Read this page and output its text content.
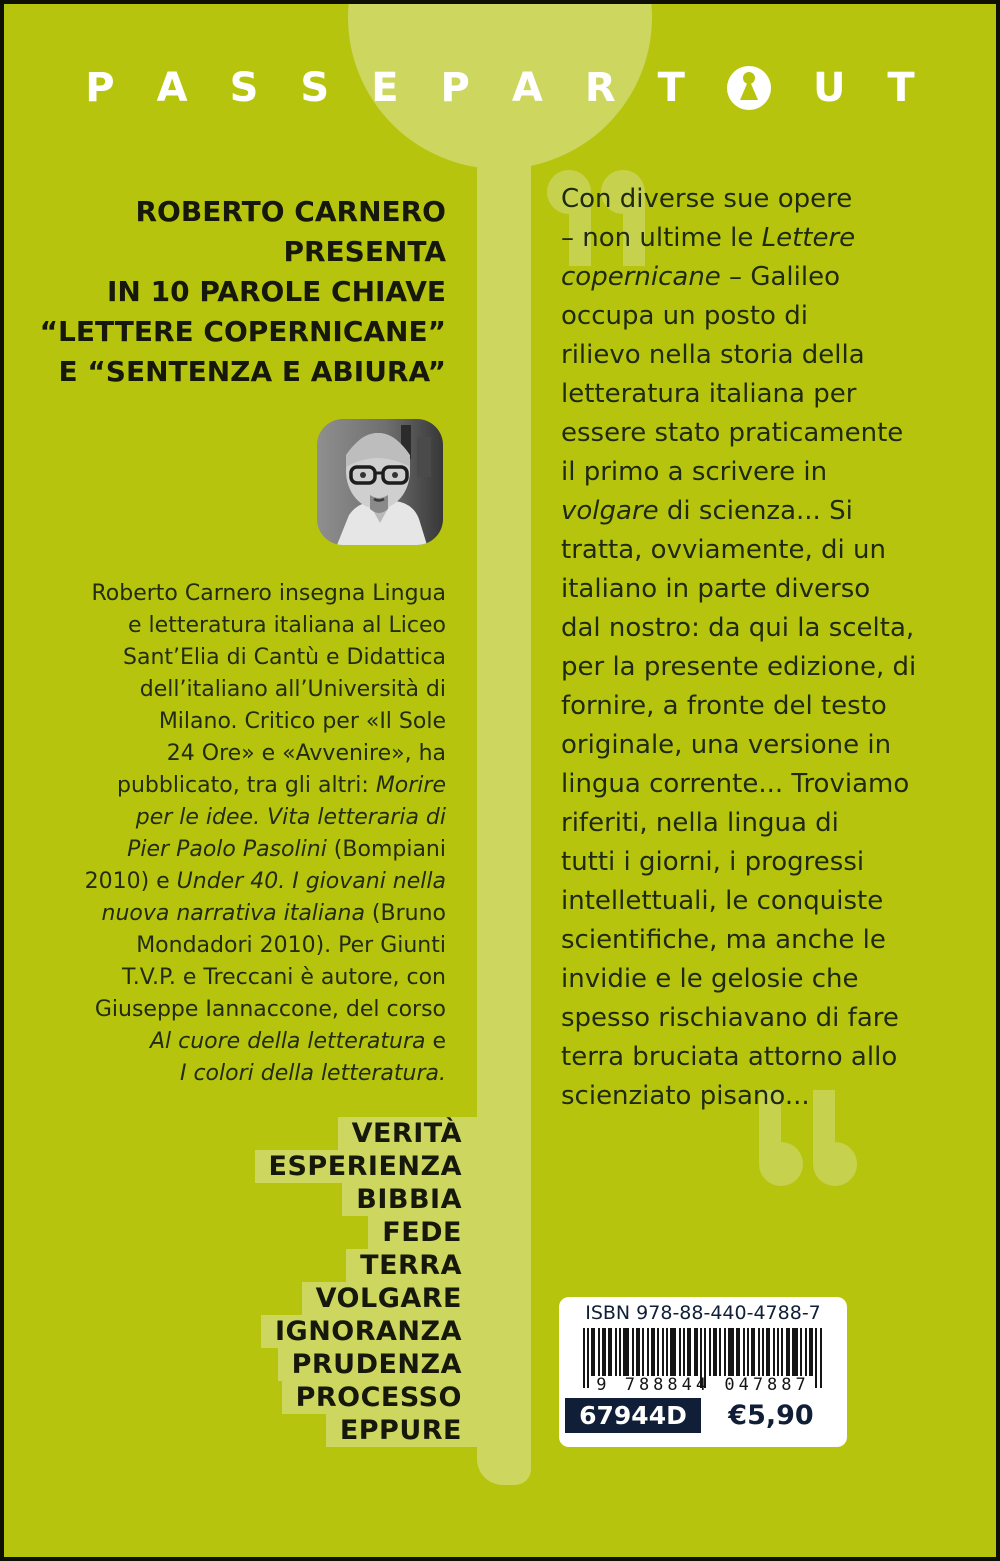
P A S S E P A R T	U T
ROBERTO CARNERO
PRESENTA
IN 10 PAROLE CHIAVE
“LETTERE COPERNICANE”
E “SENTENZA E ABIURA”
Roberto Carnero insegna Lingua
e letteratura italiana al Liceo
Sant’Elia di Cantù e Didattica
dell’italiano all’Università di
Milano. Critico per «Il Sole
24 Ore» e «Avvenire», ha
pubblicato, tra gli altri: Morire
per le idee. Vita letteraria di
Pier Paolo Pasolini (Bompiani
2010) e Under 40. I giovani nella
nuova narrativa italiana (Bruno
Mondadori 2010). Per Giunti
T.V.P. e Treccani è autore, con
Giuseppe Iannaccone, del corso
Al cuore della letteratura e
I colori della letteratura.
VERITÀ
ESPERIENZA
BIBBIA
FEDE
TERRA
VOLGARE
IGNORANZA
PRUDENZA
PROCESSO
EPPURE
Con diverse sue opere
– non ultime le Lettere
copernicane – Galileo
occupa un posto di
rilievo nella storia della
letteratura italiana per
essere stato praticamente
il primo a scrivere in
volgare di scienza... Si
tratta, ovviamente, di un
italiano in parte diverso
dal nostro: da qui la scelta,
per la presente edizione, di
fornire, a fronte del testo
originale, una versione in
lingua corrente... Troviamo
riferiti, nella lingua di
tutti i giorni, i progressi
intellettuali, le conquiste
scientifiche, ma anche le
invidie e le gelosie che
spesso rischiavano di fare
terra bruciata attorno allo
scienziato pisano...
ISBN 978-88-440-4788-7
9 788844 047887
67944D	€5,90
